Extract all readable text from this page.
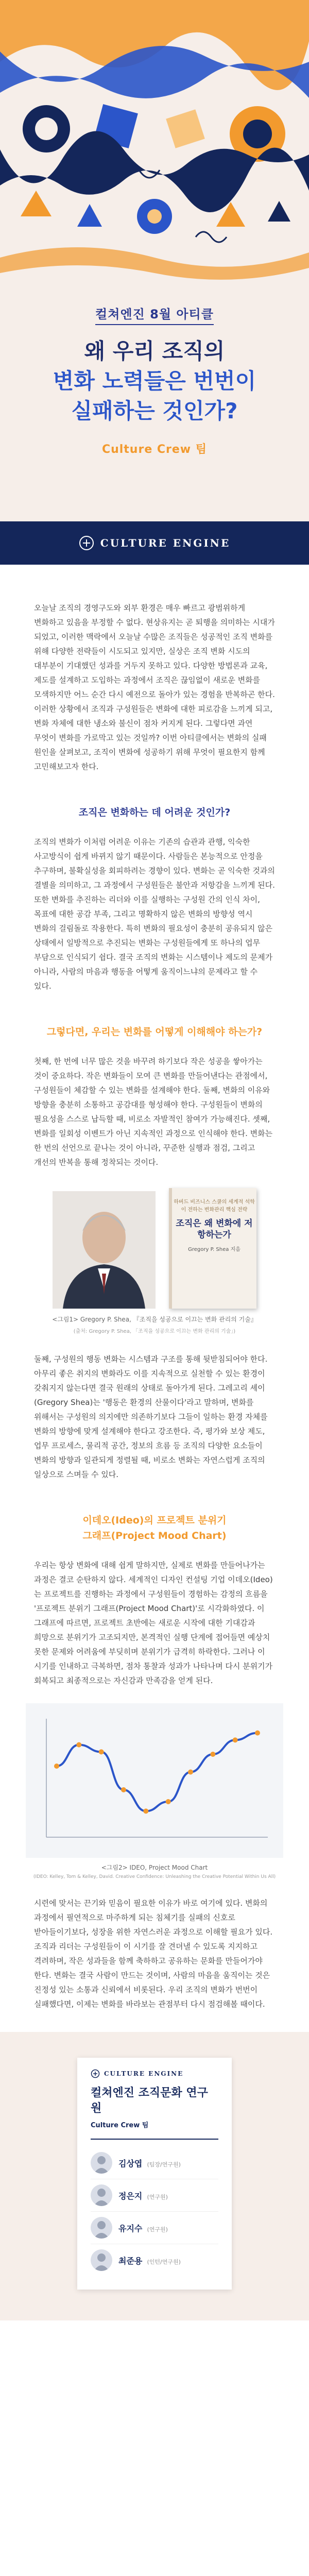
컬쳐엔진 8월 아티클
왜 우리 조직의
변화 노력들은 번번이
실패하는 것인가?
Culture Crew 팀
CULTURE ENGINE

오늘날 조직의 경영구도와 외부 환경은 매우 빠르고 광범위하게 변화하고 있음을 부정할 수 없다. 현상유지는 곧 퇴행을 의미하는 시대가 되었고, 이러한 맥락에서 오늘날 수많은 조직들은 성공적인 조직 변화를 위해 다양한 전략들이 시도되고 있지만, 실상은 조직 변화 시도의 대부분이 기대했던 성과를 거두지 못하고 있다. 다양한 방법론과 교육, 제도를 설계하고 도입하는 과정에서 조직은 끊임없이 새로운 변화를 모색하지만 어느 순간 다시 예전으로 돌아가 있는 경험을 반복하곤 한다. 이러한 상황에서 조직과 구성원들은 변화에 대한 피로감을 느끼게 되고, 변화 자체에 대한 냉소와 불신이 점차 커지게 된다. 그렇다면 과연 무엇이 변화를 가로막고 있는 것일까? 이번 아티클에서는 변화의 실패 원인을 살펴보고, 조직이 변화에 성공하기 위해 무엇이 필요한지 함께 고민해보고자 한다.

조직은 변화하는 데 어려운 것인가?

조직의 변화가 이처럼 어려운 이유는 기존의 습관과 관행, 익숙한 사고방식이 쉽게 바뀌지 않기 때문이다. 사람들은 본능적으로 안정을 추구하며, 불확실성을 회피하려는 경향이 있다. 변화는 곧 익숙한 것과의 결별을 의미하고, 그 과정에서 구성원들은 불안과 저항감을 느끼게 된다. 또한 변화를 추진하는 리더와 이를 실행하는 구성원 간의 인식 차이, 목표에 대한 공감 부족, 그리고 명확하지 않은 변화의 방향성 역시 변화의 걸림돌로 작용한다. 특히 변화의 필요성이 충분히 공유되지 않은 상태에서 일방적으로 추진되는 변화는 구성원들에게 또 하나의 업무 부담으로 인식되기 쉽다. 결국 조직의 변화는 시스템이나 제도의 문제가 아니라, 사람의 마음과 행동을 어떻게 움직이느냐의 문제라고 할 수 있다.

그렇다면, 우리는 변화를 어떻게 이해해야 하는가?

첫째, 한 번에 너무 많은 것을 바꾸려 하기보다 작은 성공을 쌓아가는 것이 중요하다. 작은 변화들이 모여 큰 변화를 만들어낸다는 관점에서, 구성원들이 체감할 수 있는 변화를 설계해야 한다. 둘째, 변화의 이유와 방향을 충분히 소통하고 공감대를 형성해야 한다. 구성원들이 변화의 필요성을 스스로 납득할 때, 비로소 자발적인 참여가 가능해진다. 셋째, 변화를 일회성 이벤트가 아닌 지속적인 과정으로 인식해야 한다. 변화는 한 번의 선언으로 끝나는 것이 아니라, 꾸준한 실행과 점검, 그리고 개선의 반복을 통해 정착되는 것이다.

하버드 비즈니스 스쿨의 세계적 석학이 전하는 변화관리 핵심 전략
조직은 왜 변화에 저항하는가
Gregory P. Shea 지음
<그림1> Gregory P. Shea, 『조직을 성공으로 이끄는 변화 관리의 기술』
(출처: Gregory P. Shea, 「조직을 성공으로 이끄는 변화 관리의 기술」)

둘째, 구성원의 행동 변화는 시스템과 구조를 통해 뒷받침되어야 한다. 아무리 좋은 취지의 변화라도 이를 지속적으로 실천할 수 있는 환경이 갖춰지지 않는다면 결국 원래의 상태로 돌아가게 된다. 그레고리 셰이(Gregory Shea)는 '행동은 환경의 산물이다'라고 말하며, 변화를 위해서는 구성원의 의지에만 의존하기보다 그들이 일하는 환경 자체를 변화의 방향에 맞게 설계해야 한다고 강조한다. 즉, 평가와 보상 제도, 업무 프로세스, 물리적 공간, 정보의 흐름 등 조직의 다양한 요소들이 변화의 방향과 일관되게 정렬될 때, 비로소 변화는 자연스럽게 조직의 일상으로 스며들 수 있다.

이데오(Ideo)의 프로젝트 분위기
그래프(Project Mood Chart)

우리는 항상 변화에 대해 쉽게 말하지만, 실제로 변화를 만들어나가는 과정은 결코 순탄하지 않다. 세계적인 디자인 컨설팅 기업 이데오(Ideo)는 프로젝트를 진행하는 과정에서 구성원들이 경험하는 감정의 흐름을 '프로젝트 분위기 그래프(Project Mood Chart)'로 시각화하였다. 이 그래프에 따르면, 프로젝트 초반에는 새로운 시작에 대한 기대감과 희망으로 분위기가 고조되지만, 본격적인 실행 단계에 접어들면 예상치 못한 문제와 어려움에 부딪히며 분위기가 급격히 하락한다. 그러나 이 시기를 인내하고 극복하면, 점차 통찰과 성과가 나타나며 다시 분위기가 회복되고 최종적으로는 자신감과 만족감을 얻게 된다.

<그림2> IDEO, Project Mood Chart
(IDEO: Kelley, Tom & Kelley, David. Creative Confidence: Unleashing the Creative Potential Within Us All)

시련에 맞서는 끈기와 믿음이 필요한 이유가 바로 여기에 있다. 변화의 과정에서 필연적으로 마주하게 되는 침체기를 실패의 신호로 받아들이기보다, 성장을 위한 자연스러운 과정으로 이해할 필요가 있다. 조직과 리더는 구성원들이 이 시기를 잘 견뎌낼 수 있도록 지지하고 격려하며, 작은 성과들을 함께 축하하고 공유하는 문화를 만들어가야 한다. 변화는 결국 사람이 만드는 것이며, 사람의 마음을 움직이는 것은 진정성 있는 소통과 신뢰에서 비롯된다. 우리 조직의 변화가 번번이 실패했다면, 이제는 변화를 바라보는 관점부터 다시 점검해볼 때이다.

CULTURE ENGINE
컬쳐엔진 조직문화 연구원
Culture Crew 팀
김상엽 (팀장/연구원)
정은지 (연구원)
유지수 (연구원)
최준용 (인턴/연구원)
